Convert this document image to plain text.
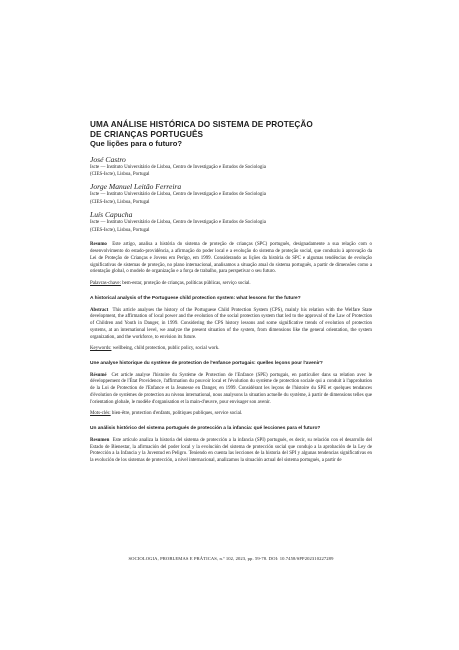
UMA ANÁLISE HISTÓRICA DO SISTEMA DE PROTEÇÃO
DE CRIANÇAS PORTUGUÊS
Que lições para o futuro?
José Castro
Iscte — Instituto Universitário de Lisboa, Centro de Investigação e Estudos de Sociologia
(CIES-Iscte), Lisboa, Portugal
Jorge Manuel Leitão Ferreira
Iscte — Instituto Universitário de Lisboa, Centro de Investigação e Estudos de Sociologia
(CIES-Iscte), Lisboa, Portugal
Luís Capucha
Iscte — Instituto Universitário de Lisboa, Centro de Investigação e Estudos de Sociologia
(CIES-Iscte), Lisboa, Portugal

Resumo Este artigo, analisa a história do sistema de proteção de crianças (SPC) português, designadamente a sua relação com o desenvolvimento do estado-providência, a afirmação do poder local e a evolução do sistema de proteção social, que conduziu à aprovação da Lei de Proteção de Crianças e Jovens em Perigo, em 1999. Considerando as lições da história do SPC e algumas tendências de evolução significativas de sistemas de proteção, no plano internacional, analisamos a situação atual do sistema português, a partir de dimensões como a orientação global, o modelo de organização e a força de trabalho, para perspetivar o seu futuro.

Palavras-chave: bem-estar, proteção de crianças, políticas públicas, serviço social.

A historical analysis of the Portuguese child protection system: what lessons for the future?

Abstract This article analyses the history of the Portuguese Child Protection System (CPS), mainly his relation with the Welfare State development, the affirmation of local power and the evolution of the social protection system that led to the approval of the Law of Protection of Children and Youth in Danger, in 1999. Considering the CPS history lessons and some significative trends of evolution of protection systems, at an international level, we analyze the present situation of the system, from dimensions like the general orientation, the system organization, and the workforce, to envision its future.

Keywords: wellbeing, child protection, public policy, social work.

Une analyse historique du système de protection de l'enfance portugais: quelles leçons pour l'avenir?

Résumé Cet article analyse l'histoire du Système de Protection de l'Enfance (SPE) portugais, en particulier dans sa relation avec le développement de l'État Providence, l'affirmation du pouvoir local et l'évolution du système de protection sociale qui a conduit à l'approbation de la Loi de Protection de l'Enfance et la Jeunesse en Danger, en 1999. Considérant les leçons de l'histoire du SPE et quelques tendances d'évolution de systèmes de protection au niveau international, nous analysons la situation actuelle du système, à partir de dimensions telles que l'orientation globale, le modèle d'organisation et la main-d'œuvre, pour envisager son avenir.

Mots-clés: bien-être, protection d'enfants, politiques publiques, service social.

Un análisis histórico del sistema portugués de protección a la infancia: qué lecciones para el futuro?

Resumen Este artículo analiza la historia del sistema de protección a la infancia (SPI) portugués, es decir, su relación con el desarrollo del Estado de Bienestar, la afirmación del poder local y la evolución del sistema de protección social que condujo a la aprobación de la Ley de Protección a la Infancia y la Juventud en Peligro. Teniendo en cuenta las lecciones de la historia del SPI y algunas tendencias significativas en la evolución de los sistemas de protección, a nivel internacional, analizamos la situación actual del sistema portugués, a partir de

SOCIOLOGIA, PROBLEMAS E PRÁTICAS, n.º 102, 2023, pp. 59-78. DOI: 10.7458/SPP202310227289
